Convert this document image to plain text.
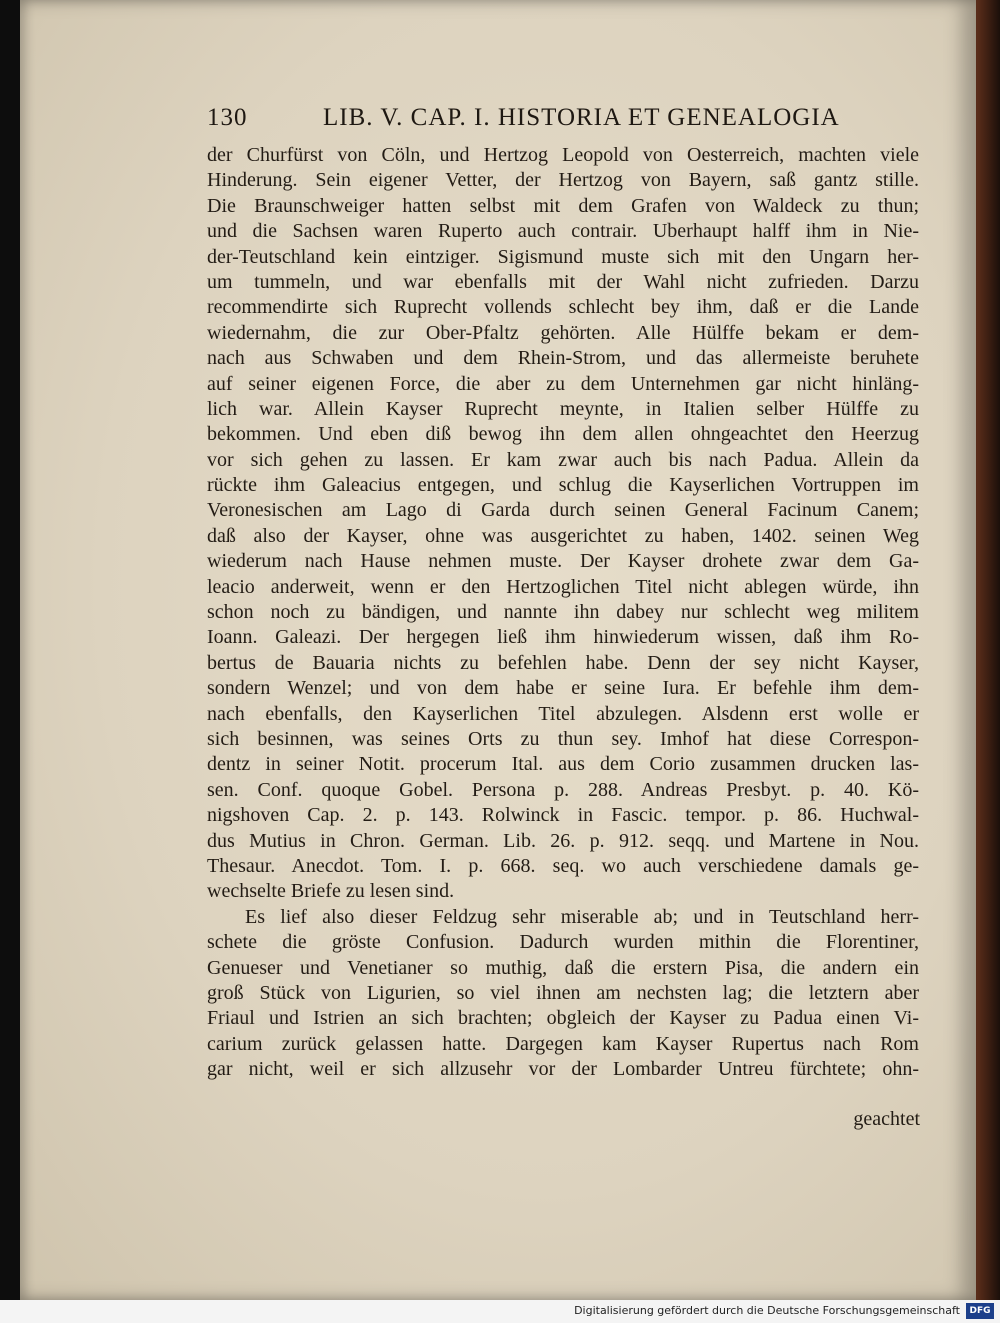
130	LIB. V. CAP. I. HISTORIA ET GENEALOGIA
der Churfürst von Cöln, und Hertzog Leopold von Oesterreich, machten viele
Hinderung. Sein eigener Vetter, der Hertzog von Bayern, saß gantz stille.
Die Braunschweiger hatten selbst mit dem Grafen von Waldeck zu thun;
und die Sachsen waren Ruperto auch contrair. Uberhaupt halff ihm in Nie-
der-Teutschland kein eintziger. Sigismund muste sich mit den Ungarn her-
um tummeln, und war ebenfalls mit der Wahl nicht zufrieden. Darzu
recommendirte sich Ruprecht vollends schlecht bey ihm, daß er die Lande
wiedernahm, die zur Ober-Pfaltz gehörten. Alle Hülffe bekam er dem-
nach aus Schwaben und dem Rhein-Strom, und das allermeiste beruhete
auf seiner eigenen Force, die aber zu dem Unternehmen gar nicht hinläng-
lich war. Allein Kayser Ruprecht meynte, in Italien selber Hülffe zu
bekommen. Und eben diß bewog ihn dem allen ohngeachtet den Heerzug
vor sich gehen zu lassen. Er kam zwar auch bis nach Padua. Allein da
rückte ihm Galeacius entgegen, und schlug die Kayserlichen Vortruppen im
Veronesischen am Lago di Garda durch seinen General Facinum Canem;
daß also der Kayser, ohne was ausgerichtet zu haben, 1402. seinen Weg
wiederum nach Hause nehmen muste. Der Kayser drohete zwar dem Ga-
leacio anderweit, wenn er den Hertzoglichen Titel nicht ablegen würde, ihn
schon noch zu bändigen, und nannte ihn dabey nur schlecht weg militem
Ioann. Galeazi. Der hergegen ließ ihm hinwiederum wissen, daß ihm Ro-
bertus de Bauaria nichts zu befehlen habe. Denn der sey nicht Kayser,
sondern Wenzel; und von dem habe er seine Iura. Er befehle ihm dem-
nach ebenfalls, den Kayserlichen Titel abzulegen. Alsdenn erst wolle er
sich besinnen, was seines Orts zu thun sey. Imhof hat diese Correspon-
dentz in seiner Notit. procerum Ital. aus dem Corio zusammen drucken las-
sen. Conf. quoque Gobel. Persona p. 288. Andreas Presbyt. p. 40. Kö-
nigshoven Cap. 2. p. 143. Rolwinck in Fascic. tempor. p. 86. Huchwal-
dus Mutius in Chron. German. Lib. 26. p. 912. seqq. und Martene in Nou.
Thesaur. Anecdot. Tom. I. p. 668. seq. wo auch verschiedene damals ge-
wechselte Briefe zu lesen sind.
Es lief also dieser Feldzug sehr miserable ab; und in Teutschland herr-
schete die gröste Confusion. Dadurch wurden mithin die Florentiner,
Genueser und Venetianer so muthig, daß die erstern Pisa, die andern ein
groß Stück von Ligurien, so viel ihnen am nechsten lag; die letztern aber
Friaul und Istrien an sich brachten; obgleich der Kayser zu Padua einen Vi-
carium zurück gelassen hatte. Dargegen kam Kayser Rupertus nach Rom
gar nicht, weil er sich allzusehr vor der Lombarder Untreu fürchtete; ohn-
geachtet
Digitalisierung gefördert durch die Deutsche Forschungsgemeinschaft	DFG
